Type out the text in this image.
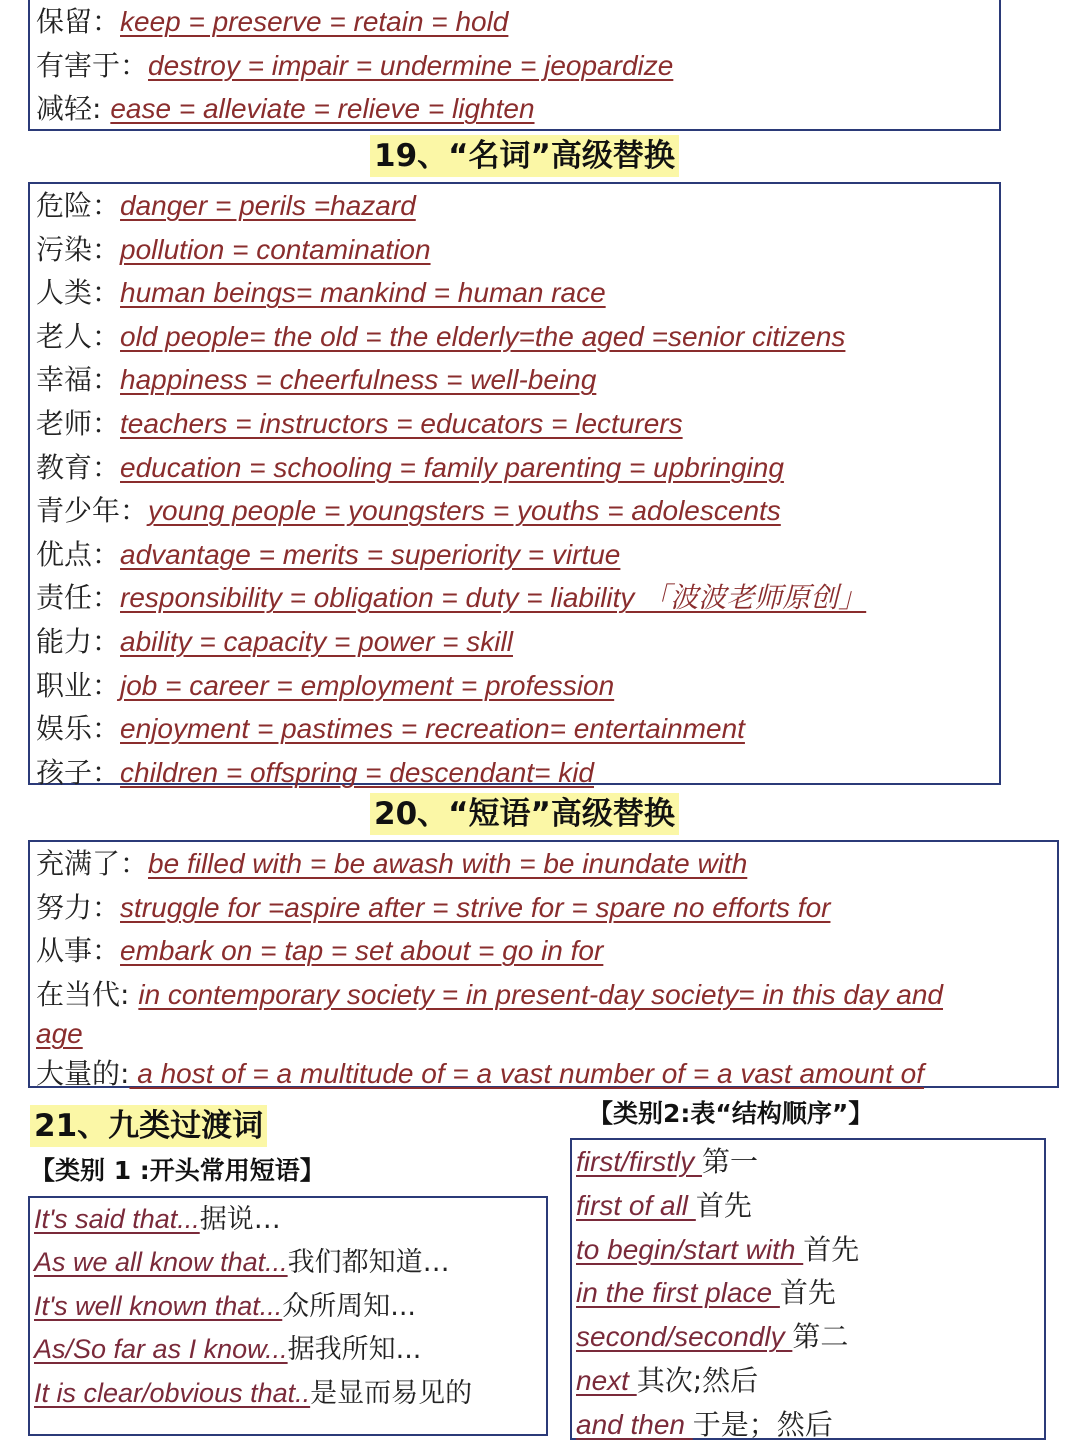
保留：keep = preserve = retain = hold
有害于：destroy = impair = undermine = jeopardize
减轻: ease = alleviate = relieve = lighten
19、“名词”高级替换
危险：danger = perils =hazard
污染：pollution = contamination
人类：human beings= mankind = human race
老人：old people= the old = the elderly=the aged =senior citizens
幸福：happiness = cheerfulness = well-being
老师：teachers = instructors = educators = lecturers
教育：education = schooling = family parenting = upbringing
青少年：young people = youngsters = youths = adolescents
优点：advantage = merits = superiority = virtue
责任：responsibility = obligation = duty = liability 「波波老师原创」
能力：ability = capacity = power = skill
职业：job = career = employment = profession
娱乐：enjoyment = pastimes = recreation= entertainment
孩子：children = offspring = descendant= kid
20、“短语”高级替换
充满了：be filled with = be awash with = be inundate with
努力：struggle for =aspire after = strive for = spare no efforts for
从事：embark on = tap = set about = go in for
在当代: in contemporary society = in present-day society= in this day and
age
大量的: a host of = a multitude of = a vast number of = a vast amount of
21、九类过渡词
【类别 1 :开头常用短语】
It's said that...据说…
As we all know that...我们都知道…
It's well known that...众所周知...
As/So far as I know...据我所知...
It is clear/obvious that..是显而易见的
【类别2:表“结构顺序”】
first/firstly 第一
first of all 首先
to begin/start with 首先
in the first place 首先
second/secondly 第二
next 其次;然后
and then 于是；然后
